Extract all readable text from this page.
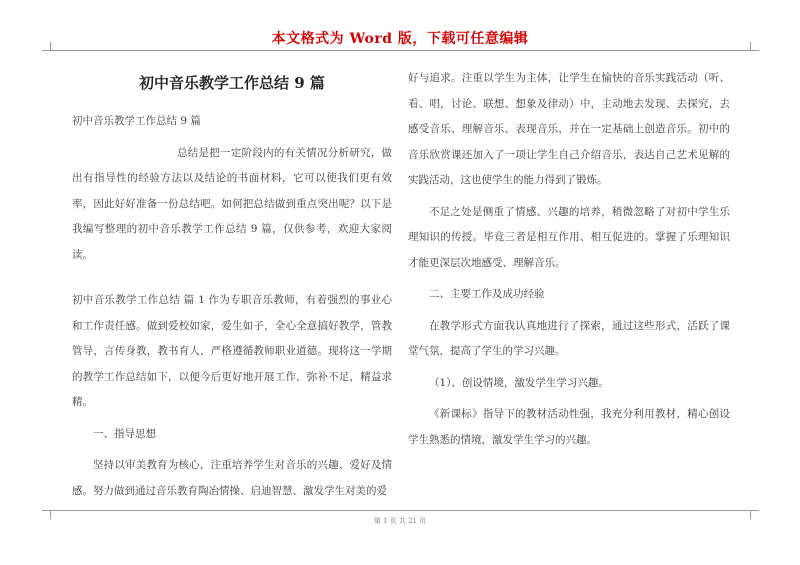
本文格式为 Word 版，下载可任意编辑
初中音乐教学工作总结 9 篇

初中音乐教学工作总结 9 篇

总结是把一定阶段内的有关情况分析研究，做出有指导性的经验方法以及结论的书面材料，它可以使我们更有效率，因此好好准备一份总结吧。如何把总结做到重点突出呢？以下是我编写整理的初中音乐教学工作总结 9 篇，仅供参考，欢迎大家阅读。

初中音乐教学工作总结 篇 1 作为专职音乐教师，有着强烈的事业心和工作责任感。做到爱校如家，爱生如子，全心全意搞好教学，管教管导，言传身教，教书育人，严格遵循教师职业道德。现将这一学期的教学工作总结如下，以便今后更好地开展工作，弥补不足，精益求精。

一、指导思想

坚持以审美教育为核心，注重培养学生对音乐的兴趣、爱好及情感。努力做到通过音乐教育陶冶情操、启迪智慧、激发学生对美的爱

好与追求。注重以学生为主体，让学生在愉快的音乐实践活动（听、看、唱，讨论、联想、想象及律动）中，主动地去发现、去探究，去感受音乐、理解音乐、表现音乐，并在一定基础上创造音乐。初中的音乐欣赏课还加入了一项让学生自己介绍音乐，表达自己艺术见解的实践活动，这也使学生的能力得到了锻炼。

不足之处是侧重了情感、兴趣的培养，稍微忽略了对初中学生乐理知识的传授。毕竟三者是相互作用、相互促进的。掌握了乐理知识才能更深层次地感受、理解音乐。

二、主要工作及成功经验

在教学形式方面我认真地进行了探索，通过这些形式，活跃了课堂气氛，提高了学生的学习兴趣。

（1）、创设情境，激发学生学习兴趣。

《新课标》指导下的教材活动性强，我充分利用教材，精心创设学生熟悉的情境，激发学生学习的兴趣。

第 1 页 共 21 页
